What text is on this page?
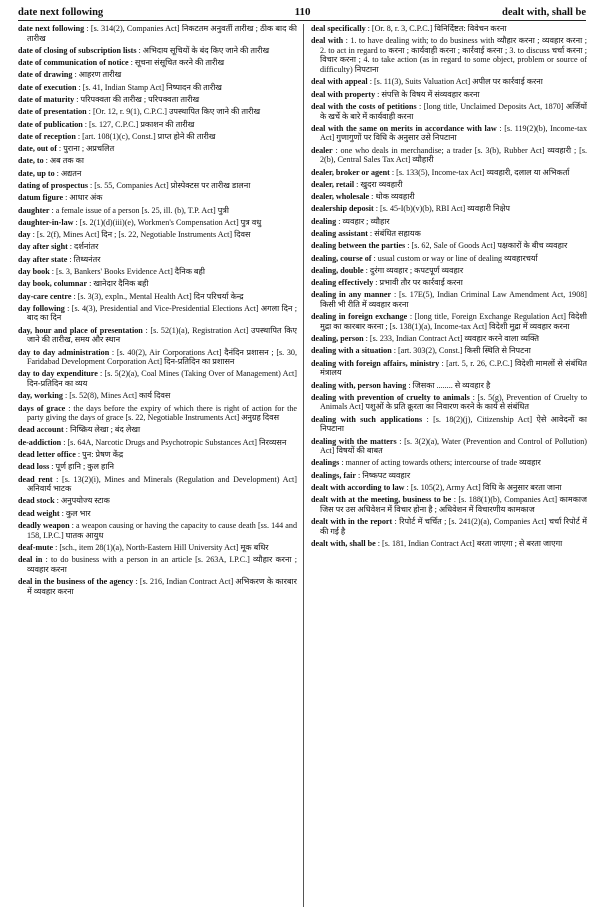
date next following	110	dealt with, shall be

date next following : [s. 314(2), Companies Act] निकटतम अनुवर्ती तारीख ; ठीक बाद की तारीख

date of closing of subscription lists : अभिदाय सूचियों के बंद किए जाने की तारीख

date of communication of notice : सूचना संसूचित करने की तारीख

date of drawing : आहरण तारीख

date of execution : [s. 41, Indian Stamp Act] निष्पादन की तारीख

date of maturity : परिपक्वता की तारीख ; परिपक्वता तारीख

date of presentation : [Or. 12, r. 9(1), C.P.C.] उपस्थापित किए जाने की तारीख

date of publication : [s. 127, C.P.C.] प्रकाशन की तारीख

date of reception : [art. 108(1)(c), Const.] प्राप्त होने की तारीख

date, out of : पुराना ; अप्रचलित

date, to : अब तक का

date, up to : अद्यतन

dating of prospectus : [s. 55, Companies Act] प्रोस्पेक्टस पर तारीख डालना

datum figure : आधार अंक

daughter : a female issue of a person [s. 25, ill. (b), T.P. Act] पुत्री

daughter-in-law : [s. 2(1)(d)(iii)(e), Workmen's Compensation Act] पुत्र वधु

day : [s. 2(f), Mines Act] दिन ; [s. 22, Negotiable Instruments Act] दिवस

day after sight : दर्शनांतर

day after state : तिथ्यनंतर

day book : [s. 3, Bankers' Books Evidence Act] दैनिक बही

day book, columnar : खानेदार दैनिक बही

day-care centre : [s. 3(3), expln., Mental Health Act] दिन परिचर्या केन्द्र

day following : [s. 4(3), Presidential and Vice-Presidential Elections Act] अगला दिन ; बाद का दिन

day, hour and place of presentation : [s. 52(1)(a), Registration Act] उपस्थापित किए जाने की तारीख, समय और स्थान

day to day administration : [s. 40(2), Air Corporations Act] दैनंदिन प्रशासन ; [s. 30, Faridabad Development Corporation Act] दिन-प्रतिदिन का प्रशासन

day to day expenditure : [s. 5(2)(a), Coal Mines (Taking Over of Management) Act] दिन-प्रतिदिन का व्यय

day, working : [s. 52(8), Mines Act] कार्य दिवस

days of grace : the days before the expiry of which there is right of action for the party giving the days of grace [s. 22, Negotiable Instruments Act] अनुग्रह दिवस

dead account : निष्क्रिय लेखा ; बंद लेखा

de-addiction : [s. 64A, Narcotic Drugs and Psychotropic Substances Act] निरव्यसन

dead letter office : पुन: प्रेषण केंद्र

dead loss : पूर्ण हानि ; कुल हानि

dead rent : [s. 13(2)(i), Mines and Minerals (Regulation and Development) Act] अनिवार्य भाटक

dead stock : अनुपयोज्य स्टाक

dead weight : कुल भार

deadly weapon : a weapon causing or having the capacity to cause death [ss. 144 and 158, I.P.C.] घातक आयुध

deaf-mute : [sch., item 28(1)(a), North-Eastern Hill University Act] मूक बधिर

deal in : to do business with a person in an article [s. 263A, I.P.C.] व्यौहार करना ; व्यवहार करना

deal in the business of the agency : [s. 216, Indian Contract Act] अभिकरण के कारबार में व्यवहार करना

deal specifically : [Or. 8, r. 3, C.P.C.] विनिर्दिष्टत: विवेचन करना

deal with : 1. to have dealing with; to do business with व्यौहार करना ; व्यवहार करना ; 2. to act in regard to करना ; कार्यवाही करना ; कार्रवाई करना ; 3. to discuss चर्चा करना ; विचार करना ; 4. to take action (as in regard to some object, problem or source of difficulty) निपटाना

deal with appeal : [s. 11(3), Suits Valuation Act] अपील पर कार्रवाई करना

deal with property : संपत्ति के विषय में संव्यवहार करना

deal with the costs of petitions : [long title, Unclaimed Deposits Act, 1870] अर्जियों के खर्चे के बारे में कार्यवाही करना

deal with the same on merits in accordance with law : [s. 119(2)(b), Income-tax Act] गुणागुणों पर विधि के अनुसार उसे निपटाना

dealer : one who deals in merchandise; a trader [s. 3(b), Rubber Act] व्यवहारी ; [s. 2(b), Central Sales Tax Act] व्यौहारी

dealer, broker or agent : [s. 133(5), Income-tax Act] व्यवहारी, दलाल या अभिकर्ता

dealer, retail : खुदरा व्यवहारी

dealer, wholesale : थोक व्यवहारी

dealership deposit : [s. 45-I(b)(v)(b), RBI Act] व्यवहारी निक्षेप

dealing : व्यवहार ; व्यौहार

dealing assistant : संबंधित सहायक

dealing between the parties : [s. 62, Sale of Goods Act] पक्षकारों के बीच व्यवहार

dealing, course of : usual custom or way or line of dealing व्यवहारचर्या

dealing, double : दुरंगा व्यवहार ; कपटपूर्ण व्यवहार

dealing effectively : प्रभावी तौर पर कार्रवाई करना

dealing in any manner : [s. 17E(5), Indian Criminal Law Amendment Act, 1908] किसी भी रीति में व्यवहार करना

dealing in foreign exchange : [long title, Foreign Exchange Regulation Act] विदेशी मुद्रा का कारबार करना ; [s. 138(1)(a), Income-tax Act] विदेशी मुद्रा में व्यवहार करना

dealing, person : [s. 233, Indian Contract Act] व्यवहार करने वाला व्यक्ति

dealing with a situation : [art. 303(2), Const.] किसी स्थिति से निपटना

dealing with foreign affairs, ministry : [art. 5, r. 26, C.P.C.] विदेशी मामलों से संबंधित मंत्रालय

dealing with, person having : जिसका ........ से व्यवहार है

dealing with prevention of cruelty to animals : [s. 5(g), Prevention of Cruelty to Animals Act] पशुओं के प्रति क्रूरता का निवारण करने के कार्य से संबंधित

dealing with such applications : [s. 18(2)(j), Citizenship Act] ऐसे आवेदनों का निपटाना

dealing with the matters : [s. 3(2)(a), Water (Prevention and Control of Pollution) Act] विषयों की बाबत

dealings : manner of acting towards others; intercourse of trade व्यवहार

dealings, fair : निष्कपट व्यवहार

dealt with according to law : [s. 105(2), Army Act] विधि के अनुसार बरता जाना

dealt with at the meeting, business to be : [s. 188(1)(b), Companies Act] कामकाज जिस पर उस अधिवेशन में विचार होना है ; अधिवेशन में विचारणीय कामकाज

dealt with in the report : रिपोर्ट में चर्चित ; [s. 241(2)(a), Companies Act] चर्चा रिपोर्ट में की गई है

dealt with, shall be : [s. 181, Indian Contract Act] बरता जाएगा ; से बरता जाएगा
